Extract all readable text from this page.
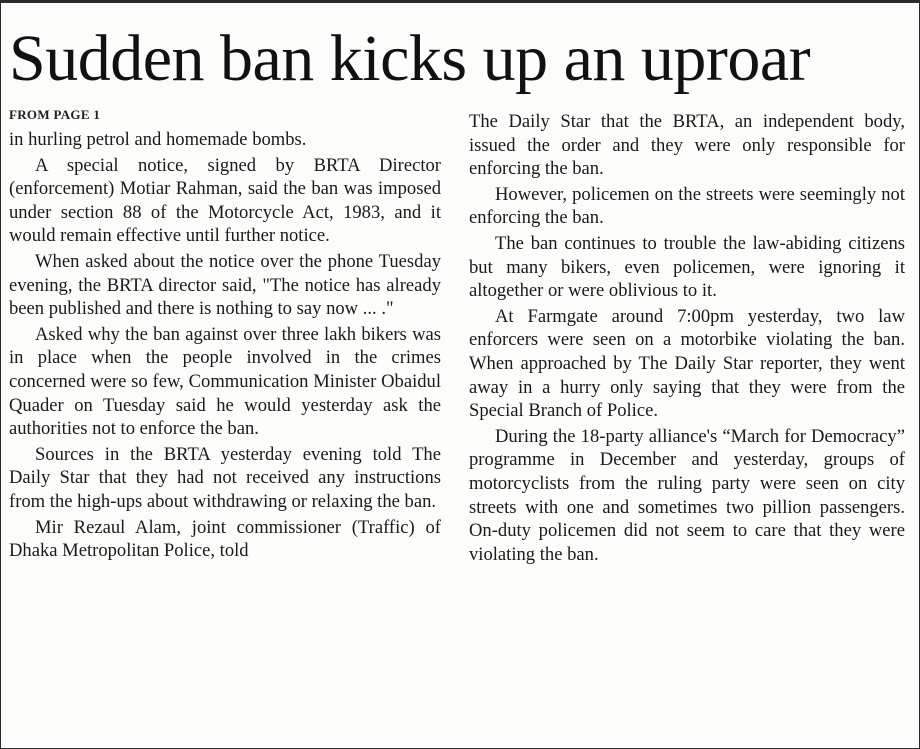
Sudden ban kicks up an uproar
FROM PAGE 1

in hurling petrol and homemade bombs.

A special notice, signed by BRTA Director (enforcement) Motiar Rahman, said the ban was imposed under section 88 of the Motorcycle Act, 1983, and it would remain effective until further notice.

When asked about the notice over the phone Tuesday evening, the BRTA director said, "The notice has already been published and there is nothing to say now ... ."

Asked why the ban against over three lakh bikers was in place when the people involved in the crimes concerned were so few, Communication Minister Obaidul Quader on Tuesday said he would yesterday ask the authorities not to enforce the ban.

Sources in the BRTA yesterday evening told The Daily Star that they had not received any instructions from the high-ups about withdrawing or relaxing the ban.

Mir Rezaul Alam, joint commissioner (Traffic) of Dhaka Metropolitan Police, told

The Daily Star that the BRTA, an independent body, issued the order and they were only responsible for enforcing the ban.

However, policemen on the streets were seemingly not enforcing the ban.

The ban continues to trouble the law-abiding citizens but many bikers, even policemen, were ignoring it altogether or were oblivious to it.

At Farmgate around 7:00pm yesterday, two law enforcers were seen on a motorbike violating the ban. When approached by The Daily Star reporter, they went away in a hurry only saying that they were from the Special Branch of Police.

During the 18-party alliance's “March for Democracy” programme in December and yesterday, groups of motorcyclists from the ruling party were seen on city streets with one and sometimes two pillion passengers. On-duty policemen did not seem to care that they were violating the ban.
